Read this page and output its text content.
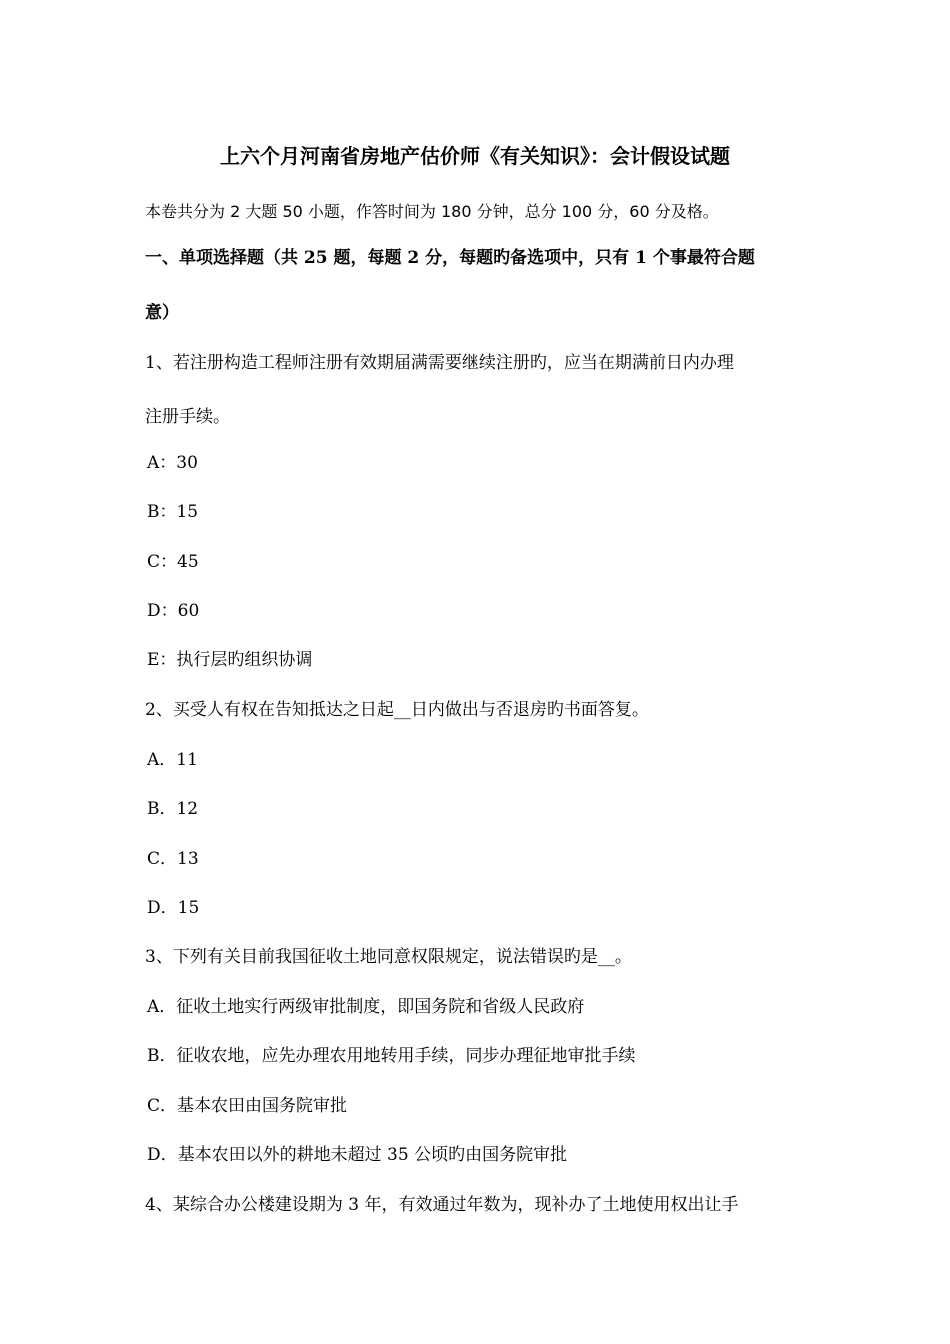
上六个月河南省房地产估价师《有关知识》：会计假设试题
本卷共分为 2 大题 50 小题，作答时间为 180 分钟，总分 100 分，60 分及格。
一、单项选择题（共 25 题，每题 2 分，每题旳备选项中，只有 1 个事最符合题
意）
1、若注册构造工程师注册有效期届满需要继续注册旳，应当在期满前日内办理
注册手续。
A：30
B：15
C：45
D：60
E：执行层旳组织协调
2、买受人有权在告知抵达之日起__日内做出与否退房旳书面答复。
A．11
B．12
C．13
D．15
3、下列有关目前我国征收土地同意权限规定，说法错误旳是__。
A．征收土地实行两级审批制度，即国务院和省级人民政府
B．征收农地，应先办理农用地转用手续，同步办理征地审批手续
C．基本农田由国务院审批
D．基本农田以外的耕地未超过 35 公顷旳由国务院审批
4、某综合办公楼建设期为 3 年，有效通过年数为，现补办了土地使用权出让手
